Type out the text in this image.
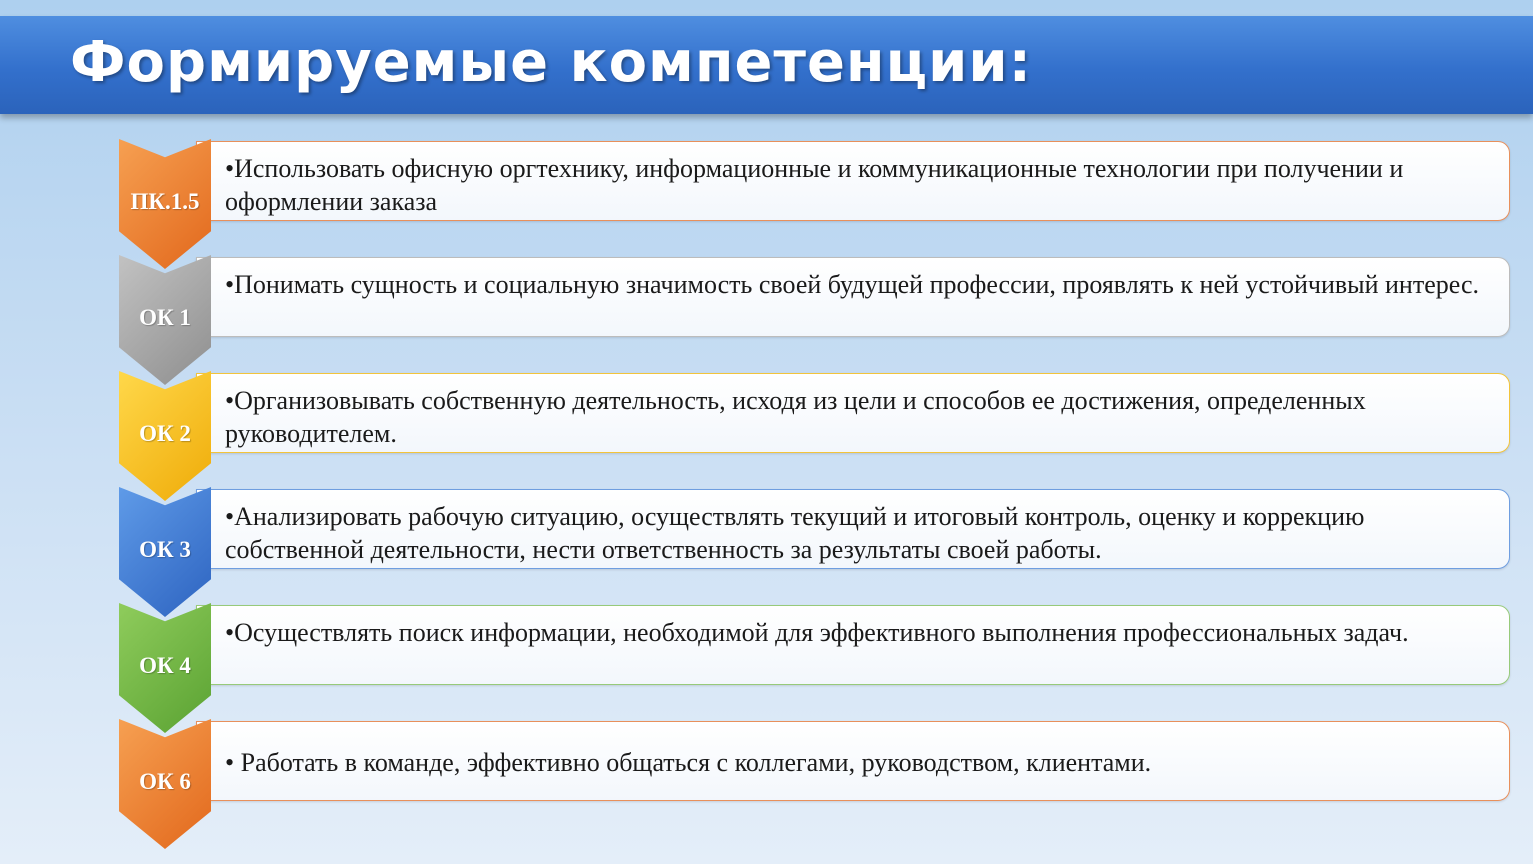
Формируемые компетенции:
•Использовать офисную оргтехнику, информационные и коммуникационные технологии при получении и оформлении заказа
ПК.1.5
•Понимать сущность и социальную значимость своей будущей профессии, проявлять к ней устойчивый интерес.
ОК 1
•Организовывать собственную деятельность, исходя из цели и способов ее достижения, определенных руководителем.
ОК 2
•Анализировать рабочую ситуацию, осуществлять текущий и итоговый контроль, оценку и коррекцию собственной деятельности, нести ответственность за результаты своей работы.
ОК 3
•Осуществлять поиск информации, необходимой для эффективного выполнения профессиональных задач.
ОК 4
• Работать в команде, эффективно общаться с коллегами, руководством, клиентами.
ОК 6
